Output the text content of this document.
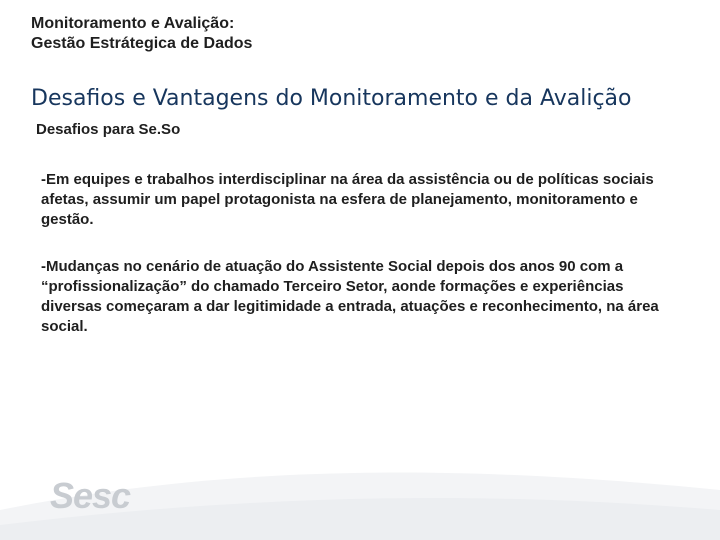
Monitoramento e Avalição:
Gestão Estrátegica de Dados
Desafios e Vantagens do Monitoramento e da Avalição
Desafios para Se.So

-Em equipes e trabalhos interdisciplinar na área da assistência ou de políticas sociais afetas, assumir um papel protagonista na esfera de planejamento, monitoramento e gestão.

-Mudanças no cenário de atuação do Assistente Social depois dos anos 90 com a “profissionalização” do chamado Terceiro Setor, aonde formações e experiências diversas começaram a dar legitimidade a entrada, atuações e reconhecimento, na área social.

Sesc
